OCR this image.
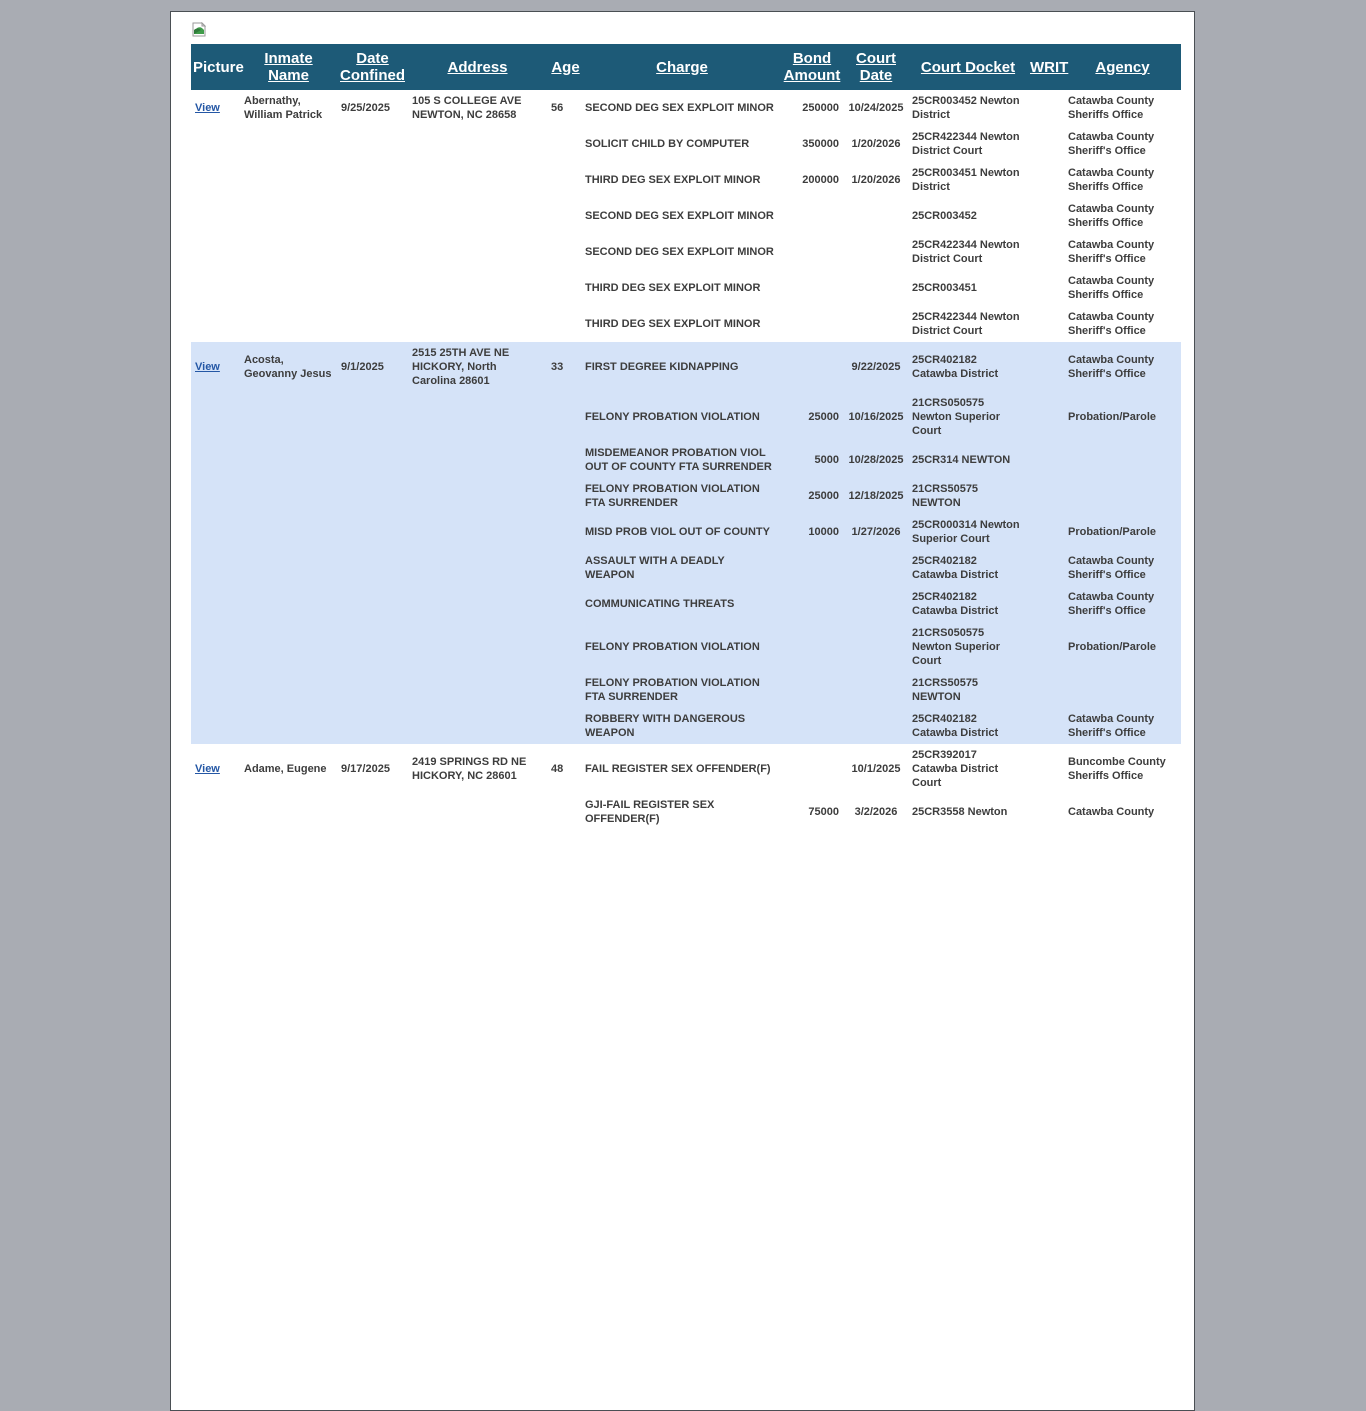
Picture	Inmate Name	Date Confined	Address	Age	Charge	Bond Amount	Court Date	Court Docket	WRIT	Agency
View	Abernathy, William Patrick	9/25/2025	105 S COLLEGE AVE NEWTON, NC 28658	56	SECOND DEG SEX EXPLOIT MINOR	250000	10/24/2025	25CR003452 Newton District		Catawba County Sheriffs Office
					SOLICIT CHILD BY COMPUTER	350000	1/20/2026	25CR422344 Newton District Court		Catawba County Sheriff's Office
					THIRD DEG SEX EXPLOIT MINOR	200000	1/20/2026	25CR003451 Newton District		Catawba County Sheriffs Office
					SECOND DEG SEX EXPLOIT MINOR			25CR003452		Catawba County Sheriffs Office
					SECOND DEG SEX EXPLOIT MINOR			25CR422344 Newton District Court		Catawba County Sheriff's Office
					THIRD DEG SEX EXPLOIT MINOR			25CR003451		Catawba County Sheriffs Office
					THIRD DEG SEX EXPLOIT MINOR			25CR422344 Newton District Court		Catawba County Sheriff's Office
View	Acosta, Geovanny Jesus	9/1/2025	2515 25TH AVE NE HICKORY, North Carolina 28601	33	FIRST DEGREE KIDNAPPING		9/22/2025	25CR402182 Catawba District		Catawba County Sheriff's Office
					FELONY PROBATION VIOLATION	25000	10/16/2025	21CRS050575 Newton Superior Court		Probation/Parole
					MISDEMEANOR PROBATION VIOL OUT OF COUNTY FTA SURRENDER	5000	10/28/2025	25CR314 NEWTON		
					FELONY PROBATION VIOLATION FTA SURRENDER	25000	12/18/2025	21CRS50575 NEWTON		
					MISD PROB VIOL OUT OF COUNTY	10000	1/27/2026	25CR000314 Newton Superior Court		Probation/Parole
					ASSAULT WITH A DEADLY WEAPON			25CR402182 Catawba District		Catawba County Sheriff's Office
					COMMUNICATING THREATS			25CR402182 Catawba District		Catawba County Sheriff's Office
					FELONY PROBATION VIOLATION			21CRS050575 Newton Superior Court		Probation/Parole
					FELONY PROBATION VIOLATION FTA SURRENDER			21CRS50575 NEWTON		
					ROBBERY WITH DANGEROUS WEAPON			25CR402182 Catawba District		Catawba County Sheriff's Office
View	Adame, Eugene	9/17/2025	2419 SPRINGS RD NE HICKORY, NC 28601	48	FAIL REGISTER SEX OFFENDER(F)		10/1/2025	25CR392017 Catawba District Court		Buncombe County Sheriffs Office
					GJI-FAIL REGISTER SEX OFFENDER(F)	75000	3/2/2026	25CR3558 Newton		Catawba County
